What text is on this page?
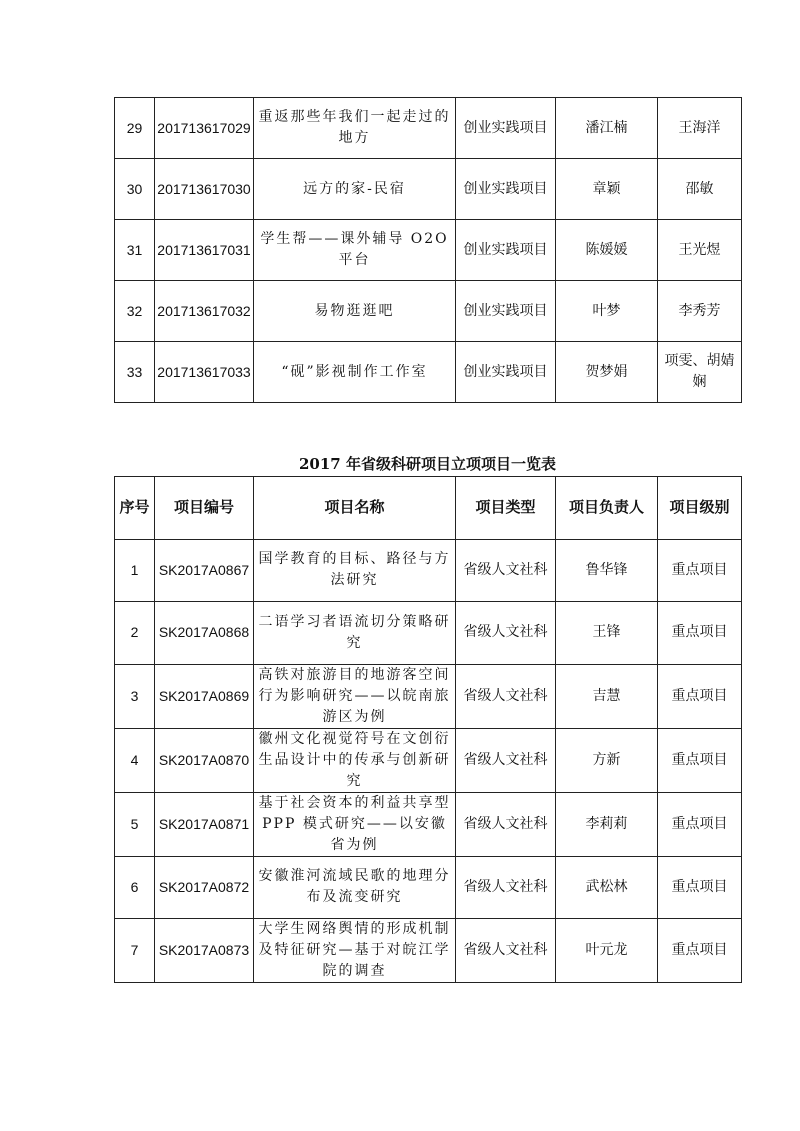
29	201713617029	重返那些年我们一起走过的地方	创业实践项目	潘江楠	王海洋
30	201713617030	远方的家-民宿	创业实践项目	章颖	邵敏
31	201713617031	学生帮——课外辅导 O2O 平台	创业实践项目	陈媛媛	王光煜
32	201713617032	易物逛逛吧	创业实践项目	叶梦	李秀芳
33	201713617033	“砚”影视制作工作室	创业实践项目	贺梦娟	项雯、胡婧娴
2017 年省级科研项目立项项目一览表
序号	项目编号	项目名称	项目类型	项目负责人	项目级别
1	SK2017A0867	国学教育的目标、路径与方法研究	省级人文社科	鲁华锋	重点项目
2	SK2017A0868	二语学习者语流切分策略研究	省级人文社科	王锋	重点项目
3	SK2017A0869	高铁对旅游目的地游客空间行为影响研究——以皖南旅游区为例	省级人文社科	吉慧	重点项目
4	SK2017A0870	徽州文化视觉符号在文创衍生品设计中的传承与创新研究	省级人文社科	方新	重点项目
5	SK2017A0871	基于社会资本的利益共享型 PPP 模式研究——以安徽省为例	省级人文社科	李莉莉	重点项目
6	SK2017A0872	安徽淮河流域民歌的地理分布及流变研究	省级人文社科	武松林	重点项目
7	SK2017A0873	大学生网络舆情的形成机制及特征研究—基于对皖江学院的调查	省级人文社科	叶元龙	重点项目
